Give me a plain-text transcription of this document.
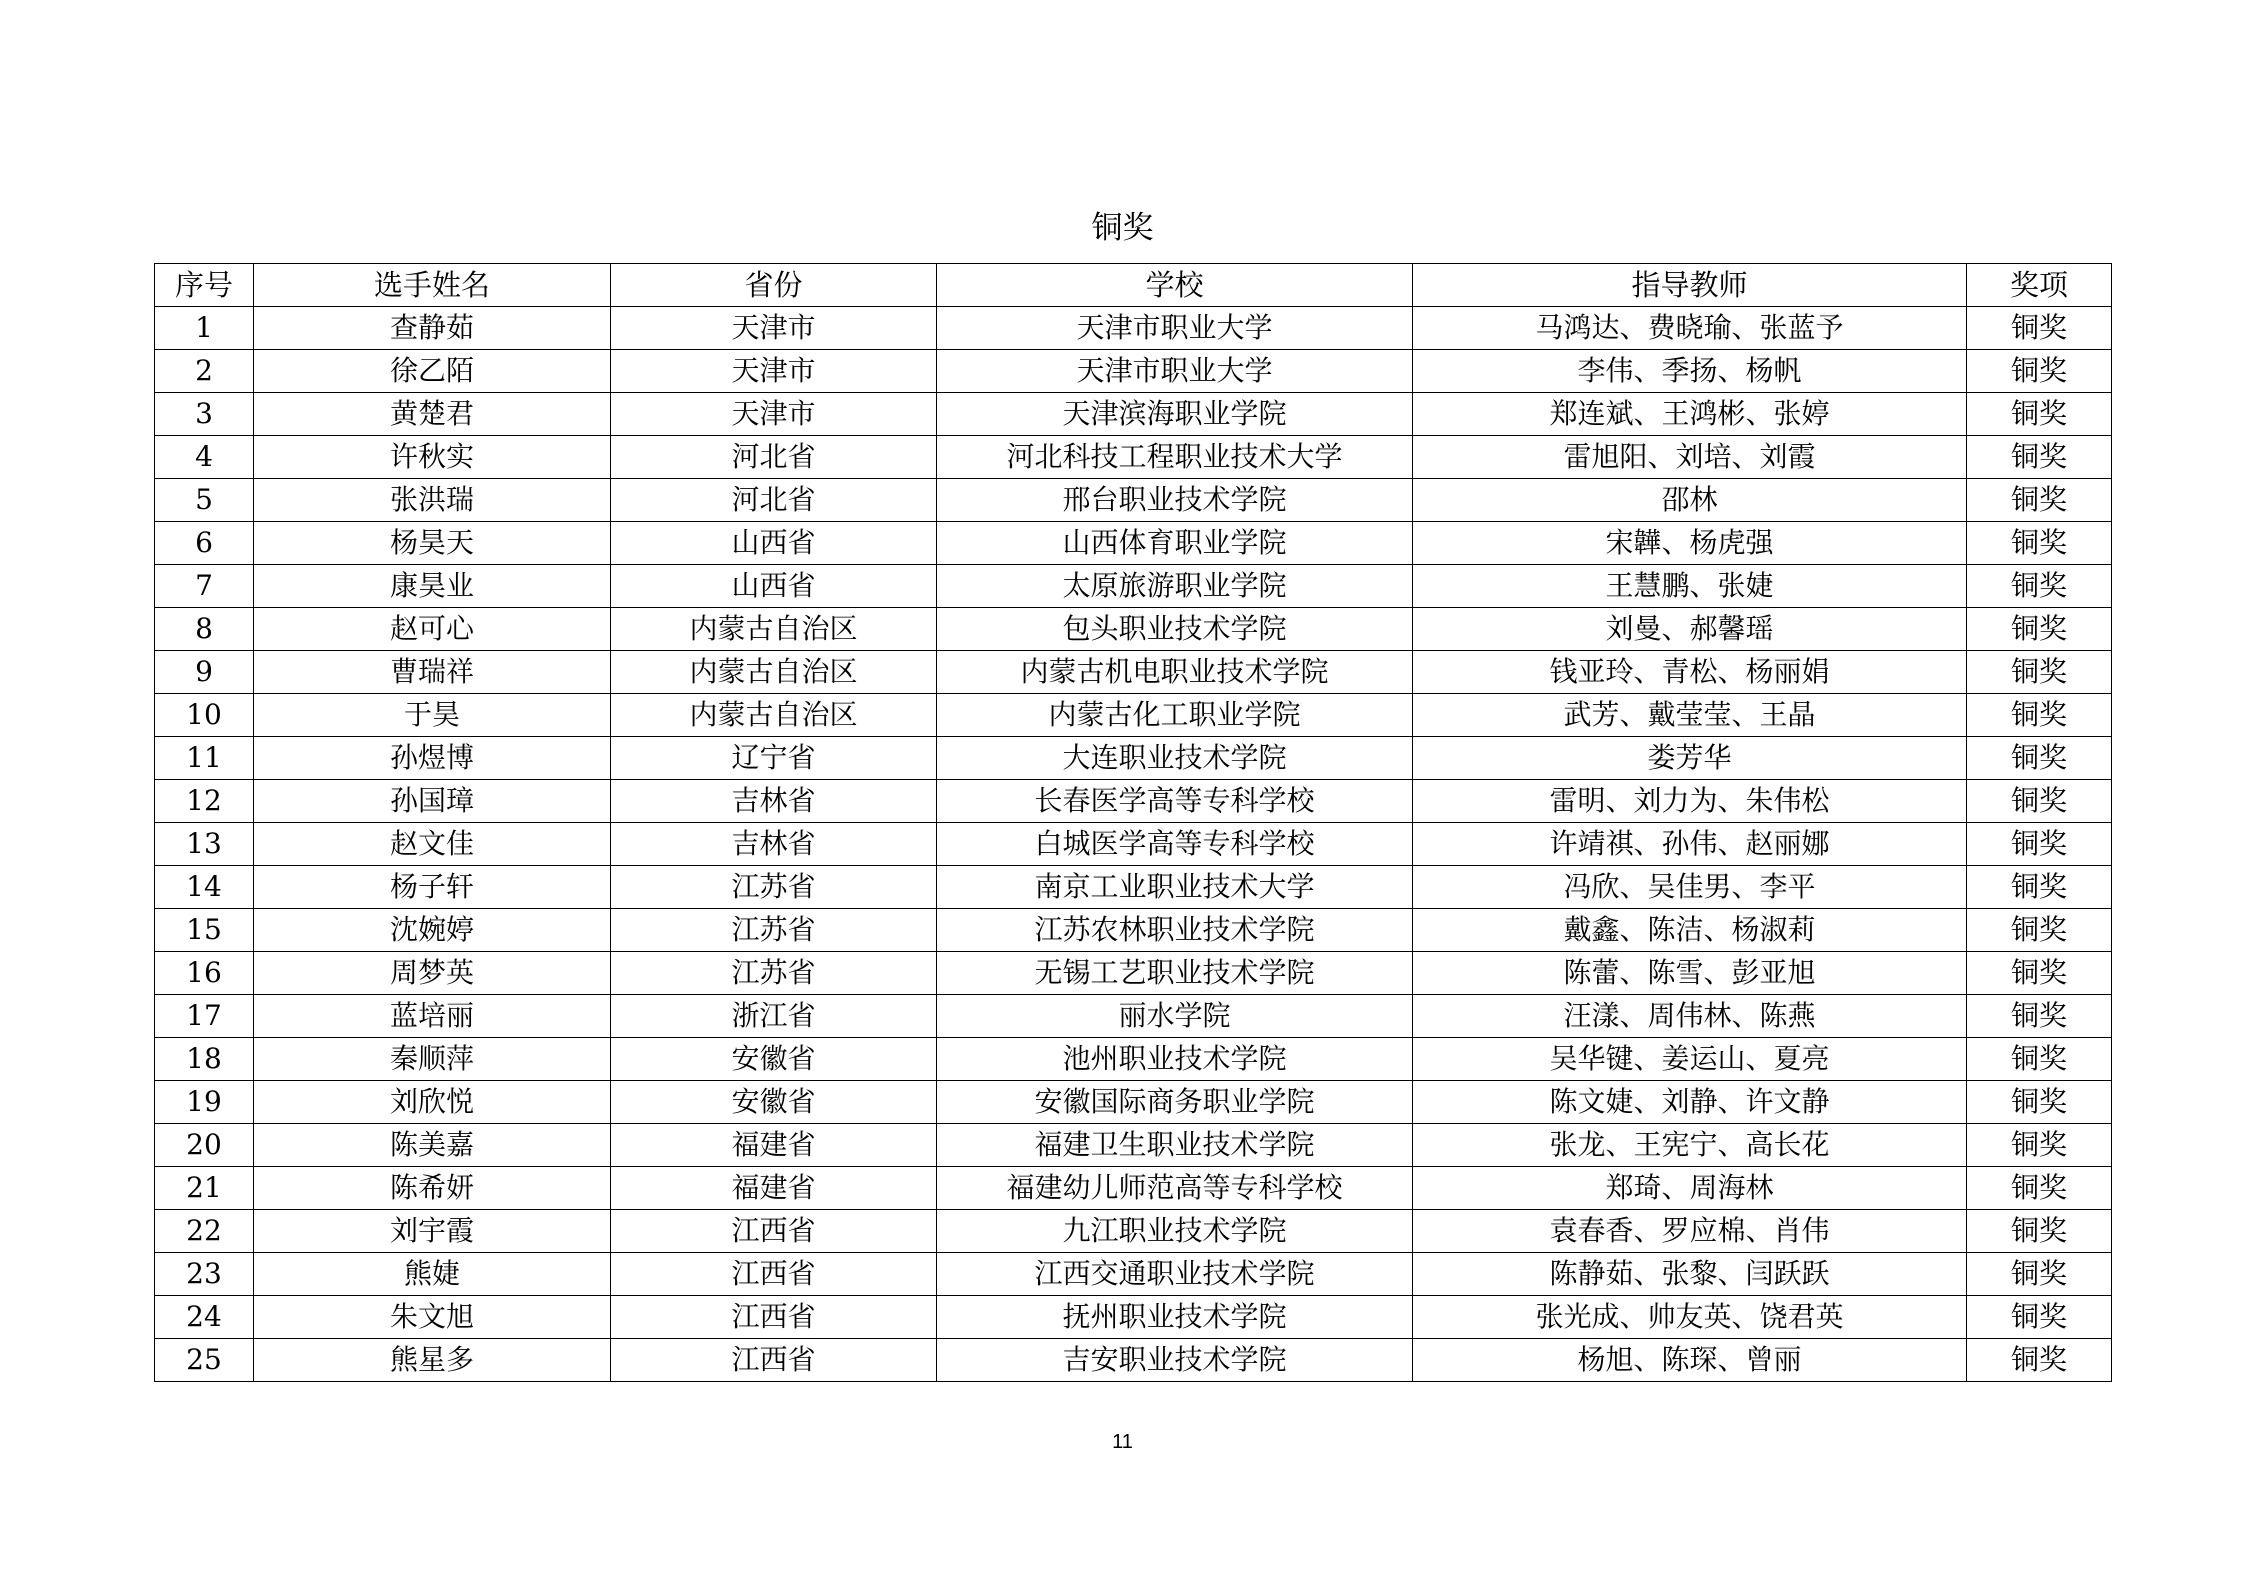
铜奖
序号	选手姓名	省份	学校	指导教师	奖项
1	查静茹	天津市	天津市职业大学	马鸿达、费晓瑜、张蓝予	铜奖
2	徐乙陌	天津市	天津市职业大学	李伟、季扬、杨帆	铜奖
3	黄楚君	天津市	天津滨海职业学院	郑连斌、王鸿彬、张婷	铜奖
4	许秋实	河北省	河北科技工程职业技术大学	雷旭阳、刘培、刘霞	铜奖
5	张洪瑞	河北省	邢台职业技术学院	邵林	铜奖
6	杨昊天	山西省	山西体育职业学院	宋韡、杨虎强	铜奖
7	康昊业	山西省	太原旅游职业学院	王慧鹏、张婕	铜奖
8	赵可心	内蒙古自治区	包头职业技术学院	刘曼、郝馨瑶	铜奖
9	曹瑞祥	内蒙古自治区	内蒙古机电职业技术学院	钱亚玲、青松、杨丽娟	铜奖
10	于昊	内蒙古自治区	内蒙古化工职业学院	武芳、戴莹莹、王晶	铜奖
11	孙煜博	辽宁省	大连职业技术学院	娄芳华	铜奖
12	孙国璋	吉林省	长春医学高等专科学校	雷明、刘力为、朱伟松	铜奖
13	赵文佳	吉林省	白城医学高等专科学校	许靖祺、孙伟、赵丽娜	铜奖
14	杨子轩	江苏省	南京工业职业技术大学	冯欣、吴佳男、李平	铜奖
15	沈婉婷	江苏省	江苏农林职业技术学院	戴鑫、陈洁、杨淑莉	铜奖
16	周梦英	江苏省	无锡工艺职业技术学院	陈蕾、陈雪、彭亚旭	铜奖
17	蓝培丽	浙江省	丽水学院	汪漾、周伟林、陈燕	铜奖
18	秦顺萍	安徽省	池州职业技术学院	吴华键、姜运山、夏亮	铜奖
19	刘欣悦	安徽省	安徽国际商务职业学院	陈文婕、刘静、许文静	铜奖
20	陈美嘉	福建省	福建卫生职业技术学院	张龙、王宪宁、高长花	铜奖
21	陈希妍	福建省	福建幼儿师范高等专科学校	郑琦、周海林	铜奖
22	刘宇霞	江西省	九江职业技术学院	袁春香、罗应棉、肖伟	铜奖
23	熊婕	江西省	江西交通职业技术学院	陈静茹、张黎、闫跃跃	铜奖
24	朱文旭	江西省	抚州职业技术学院	张光成、帅友英、饶君英	铜奖
25	熊星多	江西省	吉安职业技术学院	杨旭、陈琛、曾丽	铜奖
11
